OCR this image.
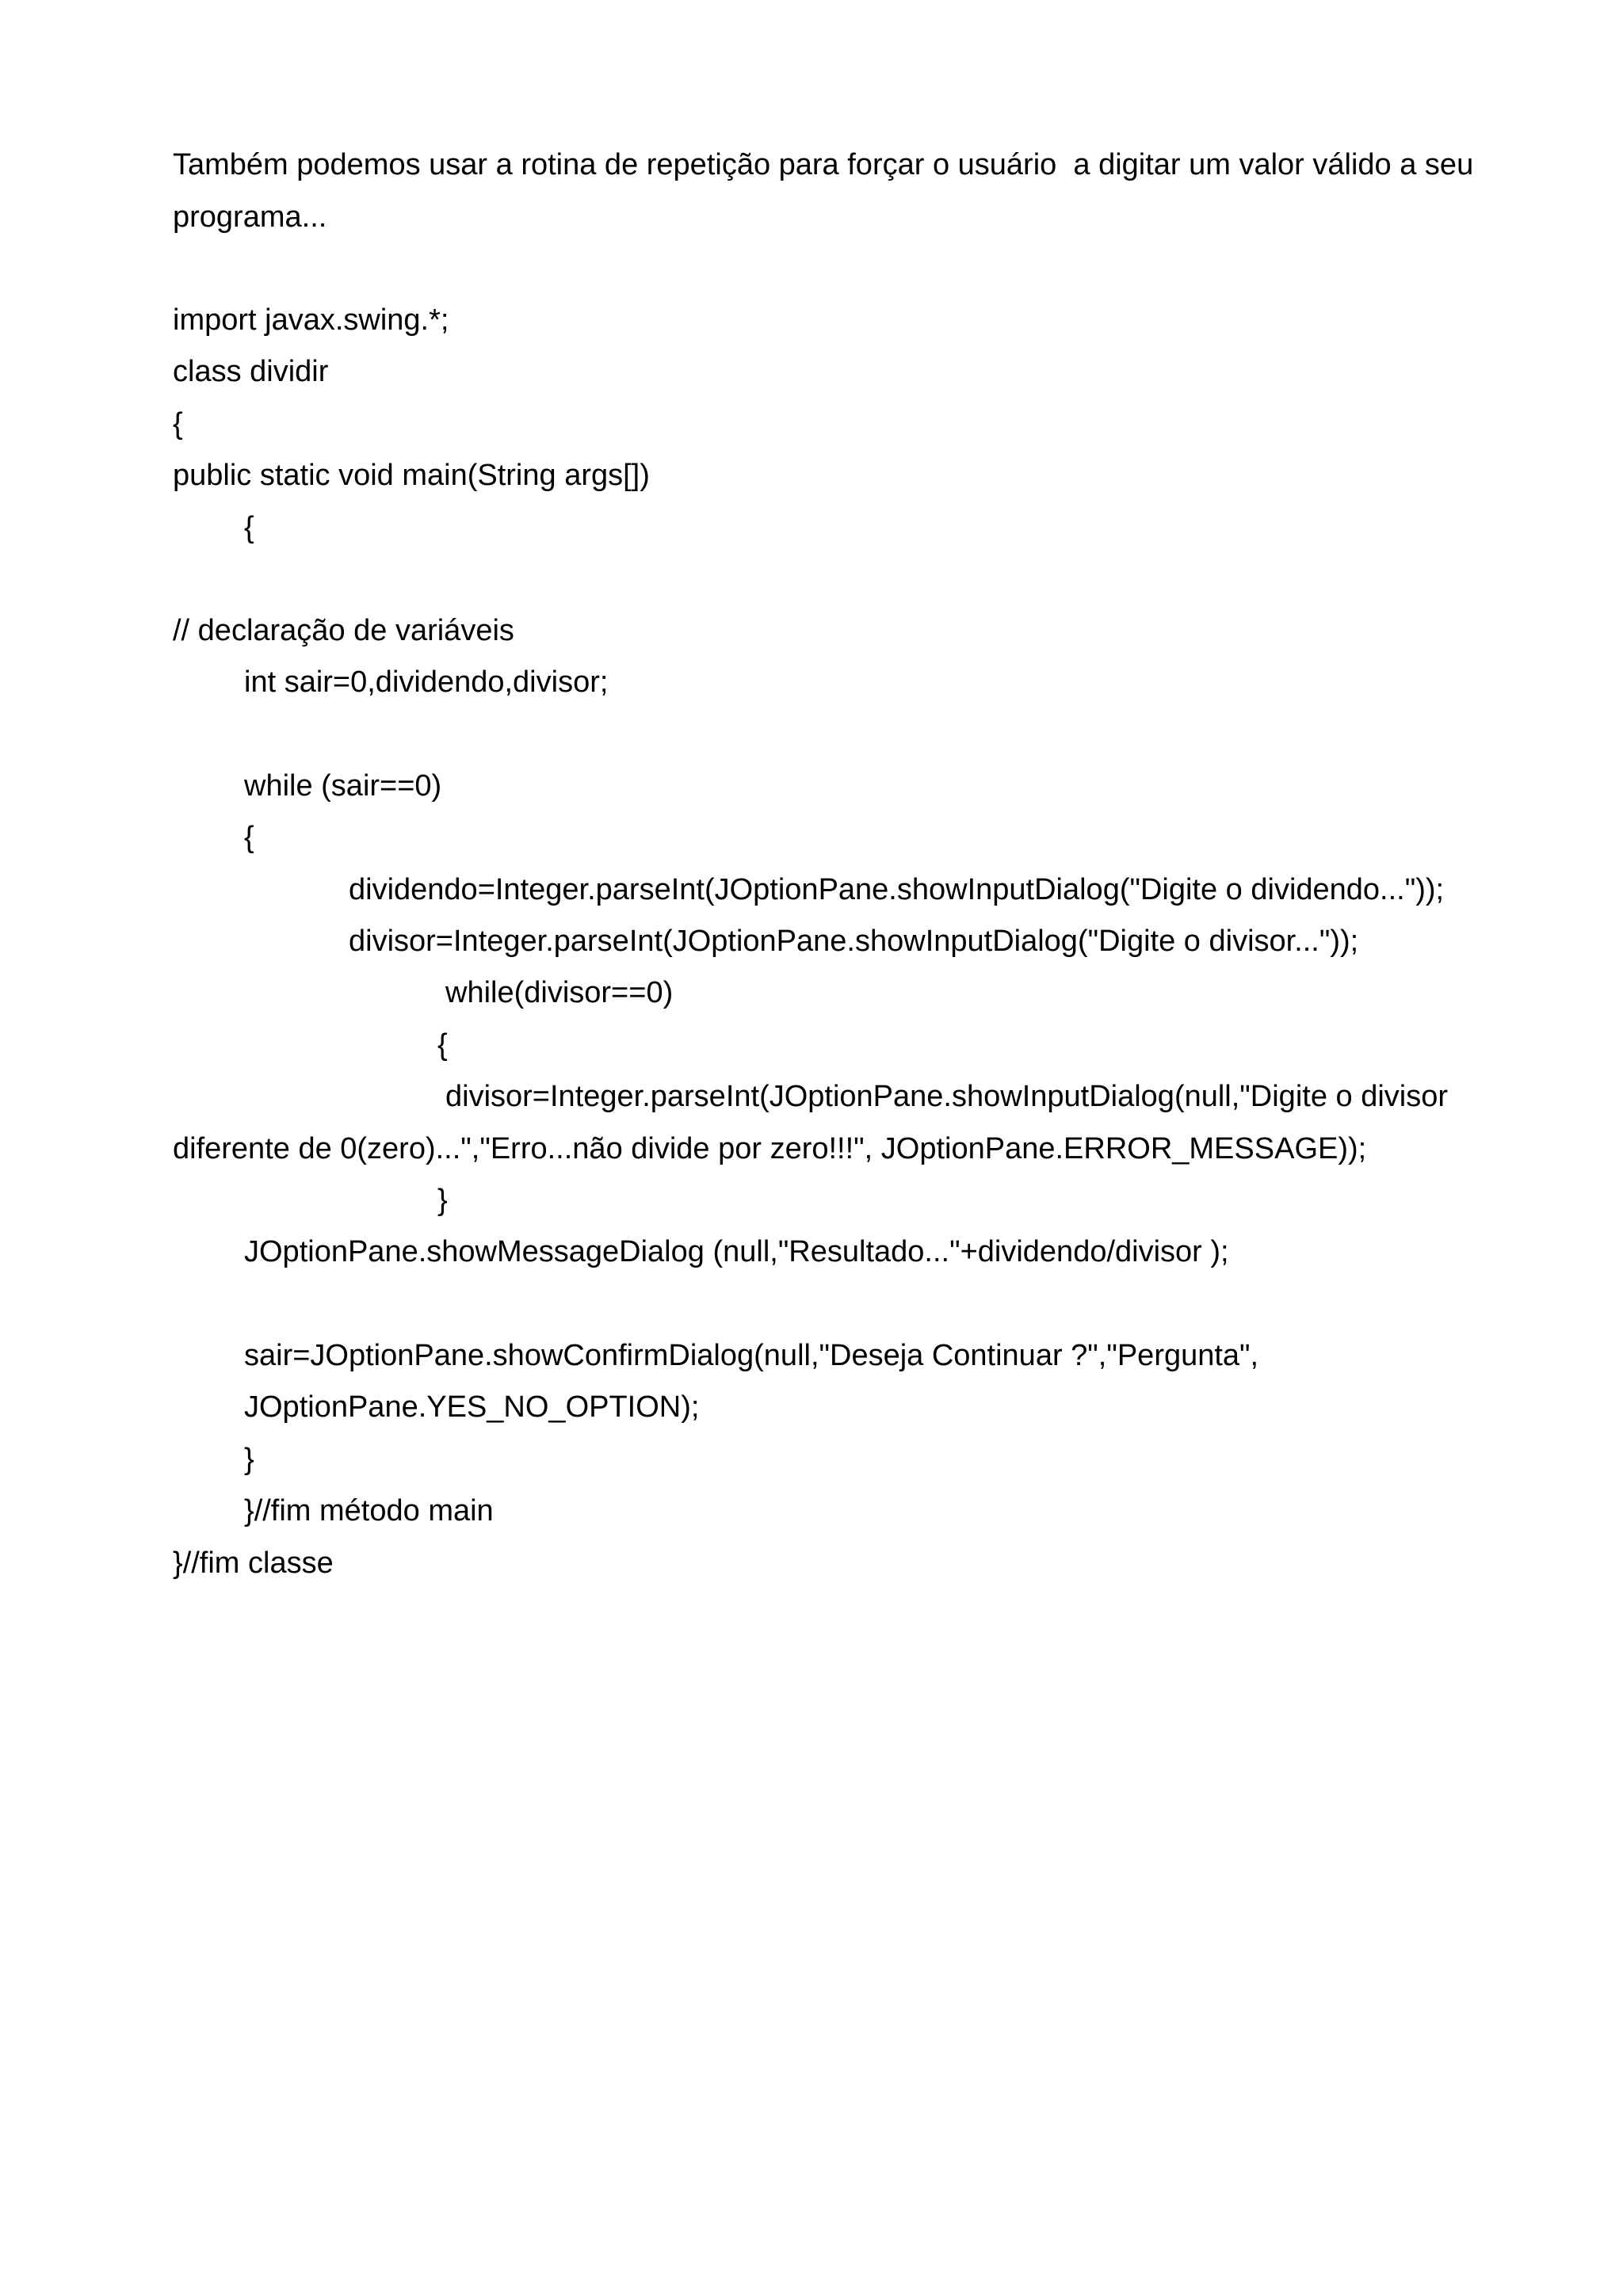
Também podemos usar a rotina de repetição para forçar o usuário  a digitar um valor válido a seu
programa...
import javax.swing.*;
class dividir
{
public static void main(String args[])
{
// declaração de variáveis
int sair=0,dividendo,divisor;
while (sair==0)
{
dividendo=Integer.parseInt(JOptionPane.showInputDialog("Digite o dividendo..."));
divisor=Integer.parseInt(JOptionPane.showInputDialog("Digite o divisor..."));
while(divisor==0)
{
divisor=Integer.parseInt(JOptionPane.showInputDialog(null,"Digite o divisor
diferente de 0(zero)...","Erro...não divide por zero!!!", JOptionPane.ERROR_MESSAGE));
}
JOptionPane.showMessageDialog (null,"Resultado..."+dividendo/divisor );
sair=JOptionPane.showConfirmDialog(null,"Deseja Continuar ?","Pergunta",
JOptionPane.YES_NO_OPTION);
}
}//fim método main
}//fim classe
